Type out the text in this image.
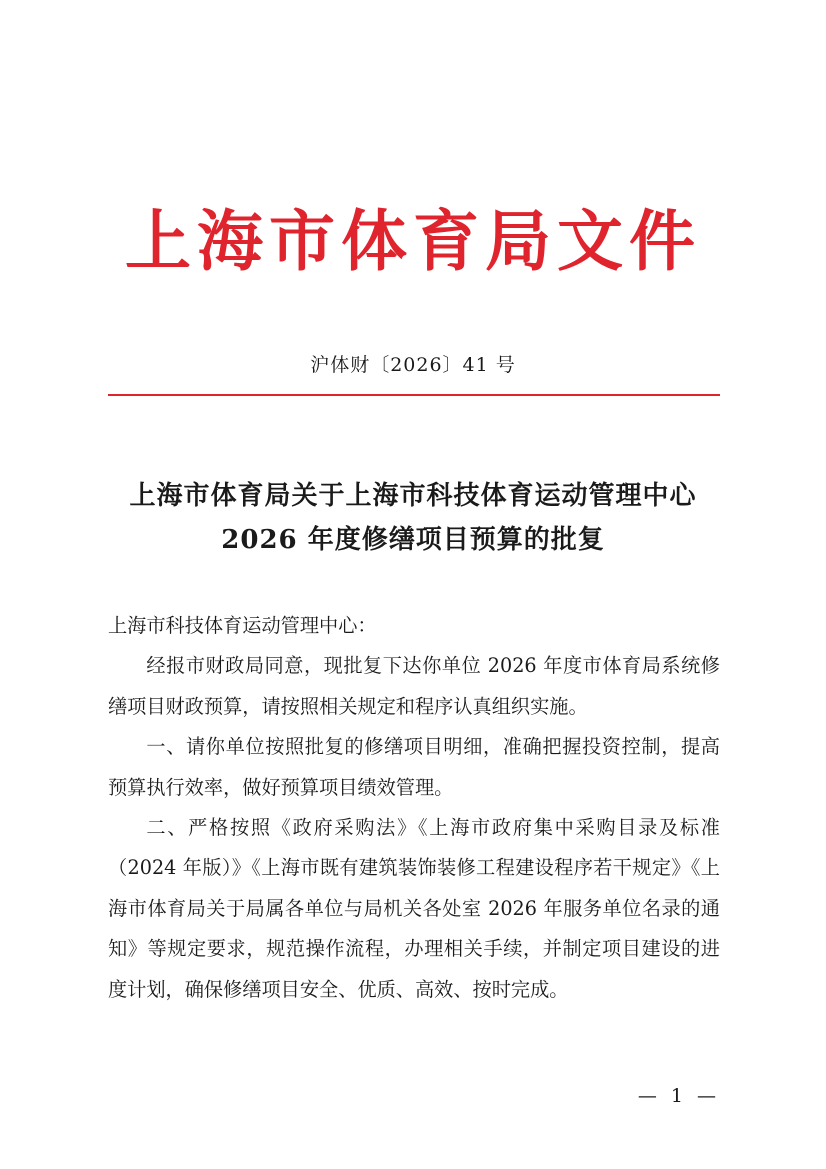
上海市体育局文件
沪体财〔2026〕41 号
上海市体育局关于上海市科技体育运动管理中心
2026 年度修缮项目预算的批复

上海市科技体育运动管理中心：

经报市财政局同意，现批复下达你单位 2026 年度市体育局系统修缮项目财政预算，请按照相关规定和程序认真组织实施。

一、请你单位按照批复的修缮项目明细，准确把握投资控制，提高预算执行效率，做好预算项目绩效管理。

二、严格按照《政府采购法》《上海市政府集中采购目录及标准（2024 年版）》《上海市既有建筑装饰装修工程建设程序若干规定》《上海市体育局关于局属各单位与局机关各处室 2026 年服务单位名录的通知》等规定要求，规范操作流程，办理相关手续，并制定项目建设的进度计划，确保修缮项目安全、优质、高效、按时完成。

— 1 —
